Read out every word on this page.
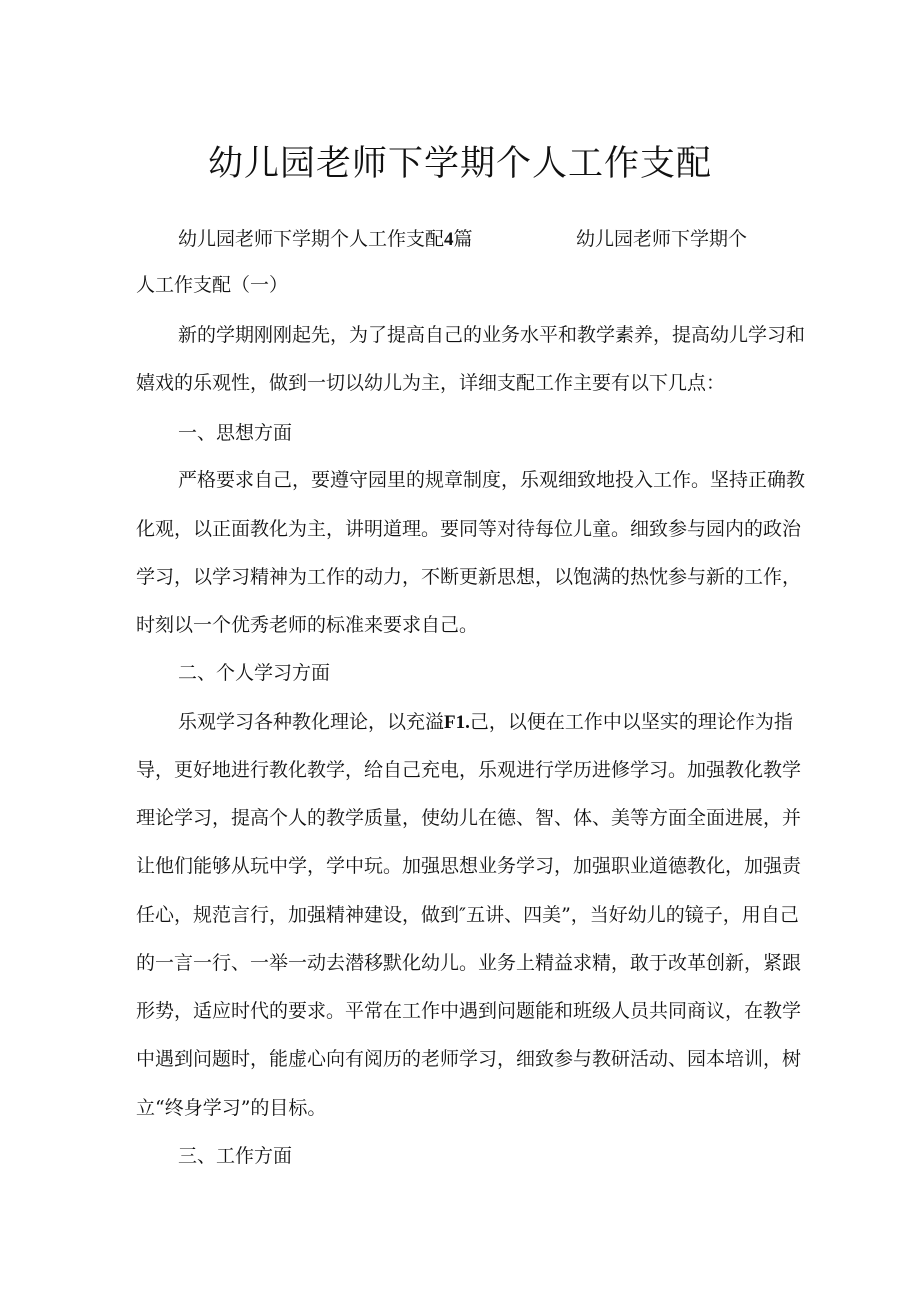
幼儿园老师下学期个人工作支配

幼儿园老师下学期个人工作支配4篇	幼儿园老师下学期个

人工作支配（一）

新的学期刚刚起先，为了提高自己的业务水平和教学素养，提高幼儿学习和

嬉戏的乐观性，做到一切以幼儿为主，详细支配工作主要有以下几点：

一、思想方面

严格要求自己，要遵守园里的规章制度，乐观细致地投入工作。坚持正确教

化观，以正面教化为主，讲明道理。要同等对待每位儿童。细致参与园内的政治

学习，以学习精神为工作的动力，不断更新思想，以饱满的热忱参与新的工作，

时刻以一个优秀老师的标准来要求自己。

二、个人学习方面

乐观学习各种教化理论，以充溢F1.己，以便在工作中以坚实的理论作为指

导，更好地进行教化教学，给自己充电，乐观进行学历进修学习。加强教化教学

理论学习，提高个人的教学质量，使幼儿在德、智、体、美等方面全面进展，并

让他们能够从玩中学，学中玩。加强思想业务学习，加强职业道德教化，加强责

任心，规范言行，加强精神建设，做到″五讲、四美”，当好幼儿的镜子，用自己

的一言一行、一举一动去潜移默化幼儿。业务上精益求精，敢于改革创新，紧跟

形势，适应时代的要求。平常在工作中遇到问题能和班级人员共同商议，在教学

中遇到问题时，能虚心向有阅历的老师学习，细致参与教研活动、园本培训，树

立“终身学习”的目标。

三、工作方面
